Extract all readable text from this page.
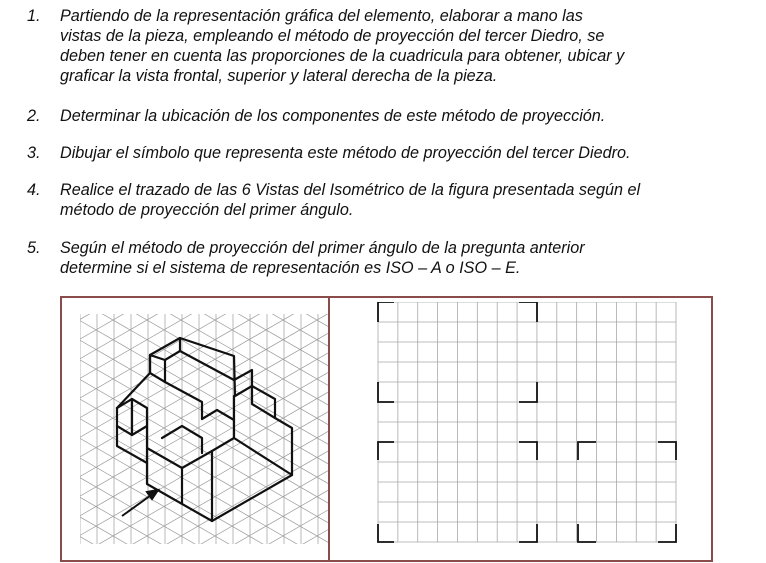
1. Partiendo de la representación gráfica del elemento, elaborar a mano las
vistas de la pieza, empleando el método de proyección del tercer Diedro, se
deben tener en cuenta las proporciones de la cuadricula para obtener, ubicar y
graficar la vista frontal, superior y lateral derecha de la pieza.
2. Determinar la ubicación de los componentes de este método de proyección.
3. Dibujar el símbolo que representa este método de proyección del tercer Diedro.
4. Realice el trazado de las 6 Vistas del Isométrico de la figura presentada según el
método de proyección del primer ángulo.
5. Según el método de proyección del primer ángulo de la pregunta anterior
determine si el sistema de representación es ISO – A o ISO – E.
